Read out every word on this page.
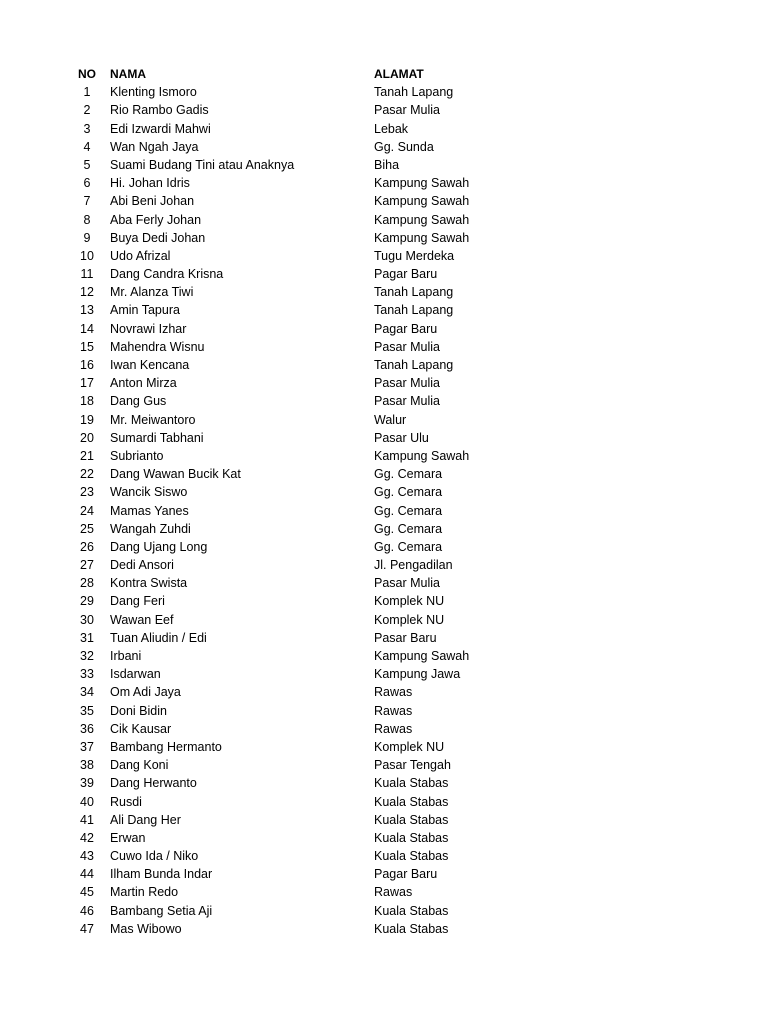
NO	NAMA	ALAMAT
1	Klenting Ismoro	Tanah Lapang
2	Rio Rambo Gadis	Pasar Mulia
3	Edi Izwardi Mahwi	Lebak
4	Wan Ngah Jaya	Gg. Sunda
5	Suami Budang Tini atau Anaknya	Biha
6	Hi. Johan Idris	Kampung Sawah
7	Abi Beni Johan	Kampung Sawah
8	Aba Ferly Johan	Kampung Sawah
9	Buya Dedi Johan	Kampung Sawah
10	Udo Afrizal	Tugu Merdeka
11	Dang Candra Krisna	Pagar Baru
12	Mr. Alanza Tiwi	Tanah Lapang
13	Amin Tapura	Tanah Lapang
14	Novrawi Izhar	Pagar Baru
15	Mahendra Wisnu	Pasar Mulia
16	Iwan Kencana	Tanah Lapang
17	Anton Mirza	Pasar Mulia
18	Dang Gus	Pasar Mulia
19	Mr. Meiwantoro	Walur
20	Sumardi Tabhani	Pasar Ulu
21	Subrianto	Kampung Sawah
22	Dang Wawan Bucik Kat	Gg. Cemara
23	Wancik Siswo	Gg. Cemara
24	Mamas Yanes	Gg. Cemara
25	Wangah Zuhdi	Gg. Cemara
26	Dang Ujang Long	Gg. Cemara
27	Dedi Ansori	Jl. Pengadilan
28	Kontra Swista	Pasar Mulia
29	Dang Feri	Komplek NU
30	Wawan Eef	Komplek NU
31	Tuan Aliudin / Edi	Pasar Baru
32	Irbani	Kampung Sawah
33	Isdarwan	Kampung Jawa
34	Om Adi Jaya	Rawas
35	Doni Bidin	Rawas
36	Cik Kausar	Rawas
37	Bambang Hermanto	Komplek NU
38	Dang Koni	Pasar Tengah
39	Dang Herwanto	Kuala Stabas
40	Rusdi	Kuala Stabas
41	Ali Dang Her	Kuala Stabas
42	Erwan	Kuala Stabas
43	Cuwo Ida / Niko	Kuala Stabas
44	Ilham Bunda Indar	Pagar Baru
45	Martin Redo	Rawas
46	Bambang Setia Aji	Kuala Stabas
47	Mas Wibowo	Kuala Stabas
